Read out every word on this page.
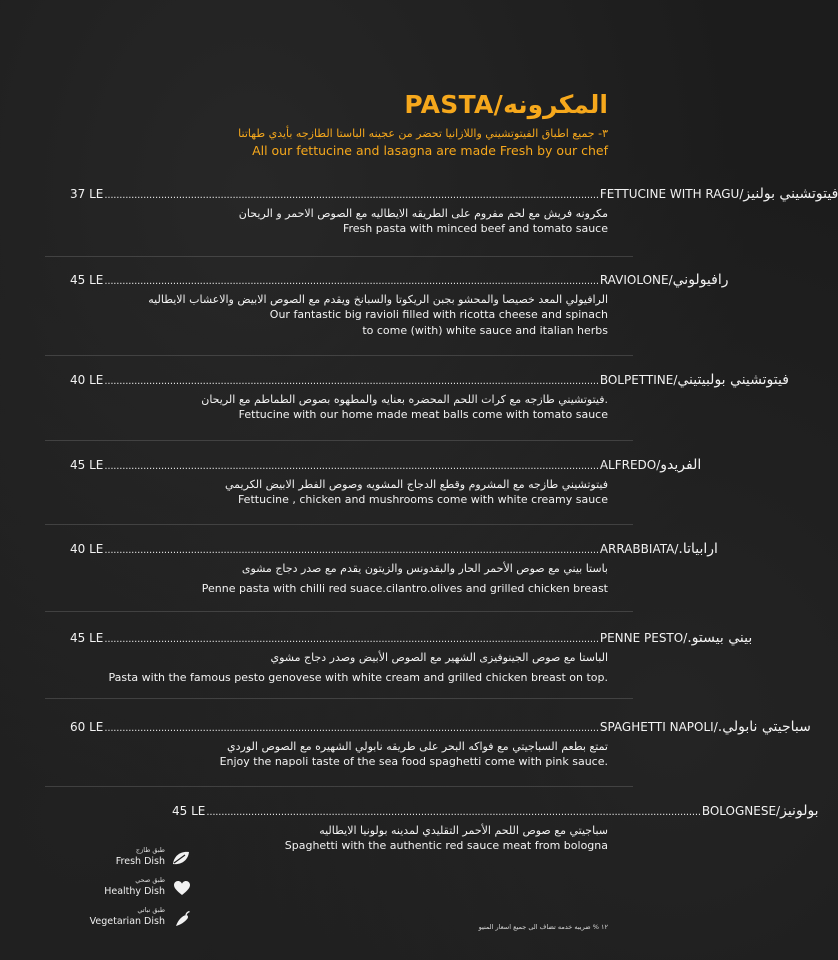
PASTA/المكرونه
٣- جميع اطباق الفيتوتشيني واللازانيا تحضر من عجينه الباستا الطازجه بأيدي طهاتنا
All our fettucine and lasagna are made Fresh by our chef
37 LE ...................................................................................................................................................................... FETTUCINE WITH RAGU/ فيتوتشيني بولنيز
مكرونه فريش مع لحم مفروم على الطريقه الايطاليه مع الصوص الاحمر و الريحان
Fresh pasta with minced beef and tomato sauce
45 LE ...................................................................................................................................................................... RAVIOLONE/ رافيولوني
الرافيولي المعد خصيصا والمحشو بجبن الريكوتا والسبانخ ويقدم مع الصوص الابيض والاعشاب الايطاليه
Our fantastic big ravioli filled with ricotta cheese and spinach
to come (with) white sauce and italian herbs
40 LE ...................................................................................................................................................................... BOLPETTINE/ فيتوتشيني بولبيتيني
.فيتوتشيني طازجه مع كرات اللحم المحضره بعنايه والمطهوه بصوص الطماطم مع الريحان
Fettucine with our home made meat balls come with tomato sauce
45 LE ...................................................................................................................................................................... ALFREDO/ الفريدو
فيتوتشيني طازجه مع المشروم وقطع الدجاج المشويه وصوص الفطر الابيض الكريمي
Fettucine , chicken and mushrooms come with white creamy sauce
40 LE ...................................................................................................................................................................... ARRABBIATA/ ارابياتا.
باستا بيني مع صوص الأحمر الحار والبقدونس والزيتون يقدم مع صدر دجاج مشوى
Penne pasta with chilli red suace.cilantro.olives and grilled chicken breast
45 LE ...................................................................................................................................................................... PENNE PESTO/ بيني بيستو.
الباستا مع صوص الجينوفيزى الشهير مع الصوص الأبيض وصدر دجاج مشوي
Pasta with the famous pesto genovese with white cream and grilled chicken breast on top.
60 LE ...................................................................................................................................................................... SPAGHETTI NAPOLI/ سباجيتي نابولي.
تمتع بطعم السباجيتي مع فواكه البحر على طريقه نابولي الشهيره مع الصوص الوردي
Enjoy the napoli taste of the sea food spaghetti come with pink sauce.
45 LE ...................................................................................................................................................................... BOLOGNESE/ بولونيز
سباجيتي مع صوص اللحم الأحمر التقليدي لمدينه بولونيا الايطاليه
Spaghetti with the authentic red sauce meat from bologna
طبق طازج
Fresh Dish
طبق صحي
Healthy Dish
طبق نباتي
Vegetarian Dish	١٢ % ضريبه خدمه تضاف الى جميع اسعار المنيو
